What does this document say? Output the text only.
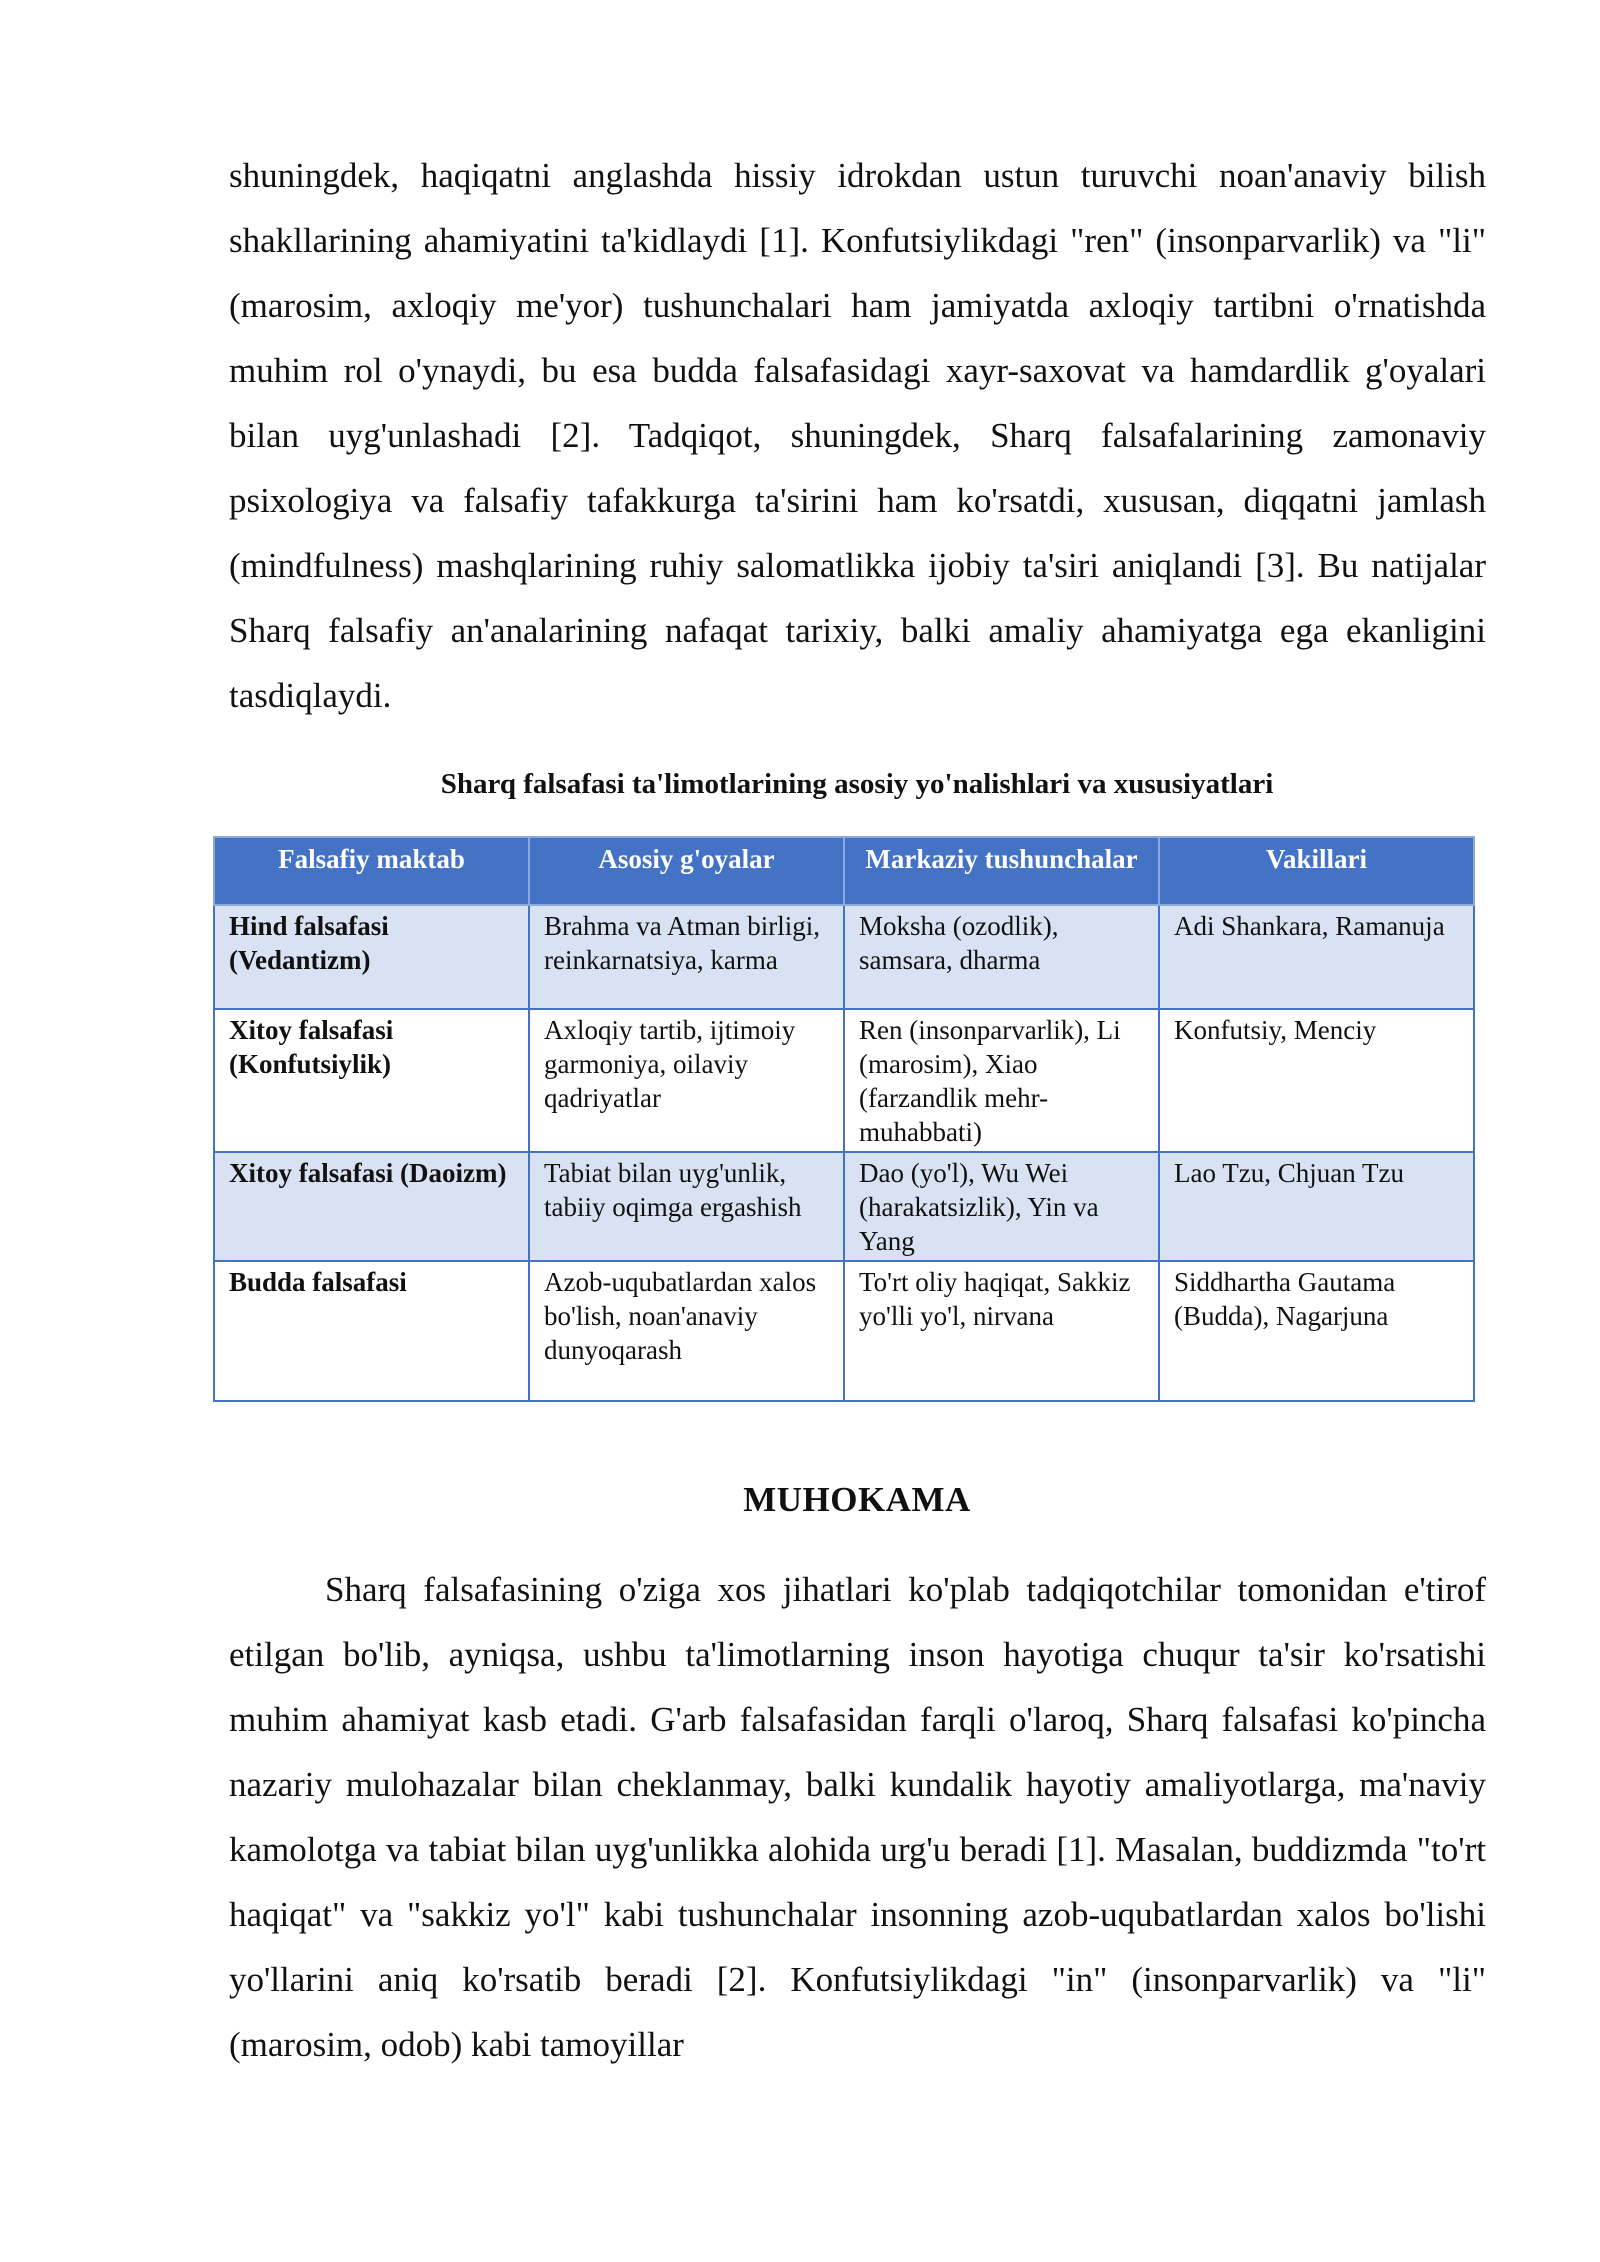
shuningdek, haqiqatni anglashda hissiy idrokdan ustun turuvchi noan'anaviy bilish shakllarining ahamiyatini ta'kidlaydi [1]. Konfutsiylikdagi "ren" (insonparvarlik) va "li" (marosim, axloqiy me'yor) tushunchalari ham jamiyatda axloqiy tartibni o'rnatishda muhim rol o'ynaydi, bu esa budda falsafasidagi xayr-saxovat va hamdardlik g'oyalari bilan uyg'unlashadi [2]. Tadqiqot, shuningdek, Sharq falsafalarining zamonaviy psixologiya va falsafiy tafakkurga ta'sirini ham ko'rsatdi, xususan, diqqatni jamlash (mindfulness) mashqlarining ruhiy salomatlikka ijobiy ta'siri aniqlandi [3]. Bu natijalar Sharq falsafiy an'analarining nafaqat tarixiy, balki amaliy ahamiyatga ega ekanligini tasdiqlaydi.

Sharq falsafasi ta'limotlarining asosiy yo'nalishlari va xususiyatlari

Falsafiy maktab	Asosiy g'oyalar	Markaziy tushunchalar	Vakillari
Hind falsafasi (Vedantizm)	Brahma va Atman birligi, reinkarnatsiya, karma	Moksha (ozodlik), samsara, dharma	Adi Shankara, Ramanuja
Xitoy falsafasi (Konfutsiylik)	Axloqiy tartib, ijtimoiy garmoniya, oilaviy qadriyatlar	Ren (insonparvarlik), Li (marosim), Xiao (farzandlik mehr-muhabbati)	Konfutsiy, Menciy
Xitoy falsafasi (Daoizm)	Tabiat bilan uyg'unlik, tabiiy oqimga ergashish	Dao (yo'l), Wu Wei (harakatsizlik), Yin va Yang	Lao Tzu, Chjuan Tzu
Budda falsafasi	Azob-uqubatlardan xalos bo'lish, noan'anaviy dunyoqarash	To'rt oliy haqiqat, Sakkiz yo'lli yo'l, nirvana	Siddhartha Gautama (Budda), Nagarjuna
MUHOKAMA

Sharq falsafasining o'ziga xos jihatlari ko'plab tadqiqotchilar tomonidan e'tirof etilgan bo'lib, ayniqsa, ushbu ta'limotlarning inson hayotiga chuqur ta'sir ko'rsatishi muhim ahamiyat kasb etadi. G'arb falsafasidan farqli o'laroq, Sharq falsafasi ko'pincha nazariy mulohazalar bilan cheklanmay, balki kundalik hayotiy amaliyotlarga, ma'naviy kamolotga va tabiat bilan uyg'unlikka alohida urg'u beradi [1]. Masalan, buddizmda "to'rt haqiqat" va "sakkiz yo'l" kabi tushunchalar insonning azob-uqubatlardan xalos bo'lishi yo'llarini aniq ko'rsatib beradi [2]. Konfutsiylikdagi "in" (insonparvarlik) va "li" (marosim, odob) kabi tamoyillar
